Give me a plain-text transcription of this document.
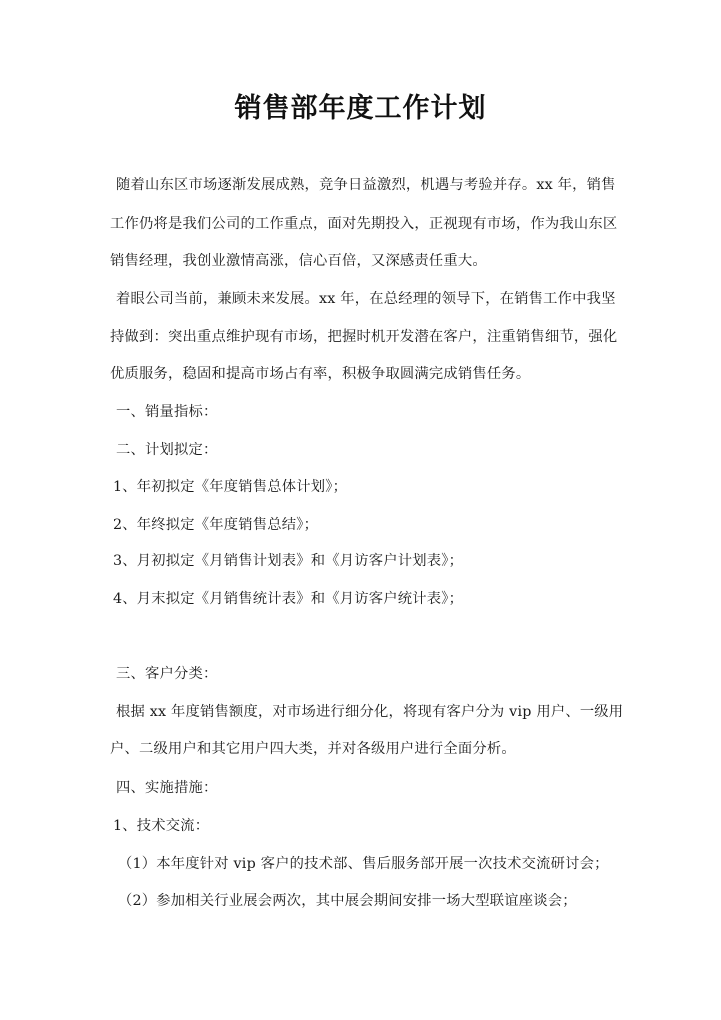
销售部年度工作计划
随着山东区市场逐渐发展成熟，竞争日益激烈，机遇与考验并存。xx 年，销售
工作仍将是我们公司的工作重点，面对先期投入，正视现有市场，作为我山东区
销售经理，我创业激情高涨，信心百倍，又深感责任重大。
着眼公司当前，兼顾未来发展。xx 年，在总经理的领导下，在销售工作中我坚
持做到：突出重点维护现有市场，把握时机开发潜在客户，注重销售细节，强化
优质服务，稳固和提高市场占有率，积极争取圆满完成销售任务。
一、销量指标：
二、计划拟定：
1、年初拟定《年度销售总体计划》；
2、年终拟定《年度销售总结》；
3、月初拟定《月销售计划表》和《月访客户计划表》；
4、月末拟定《月销售统计表》和《月访客户统计表》；
三、客户分类：
根据 xx 年度销售额度，对市场进行细分化，将现有客户分为 vip 用户、一级用
户、二级用户和其它用户四大类，并对各级用户进行全面分析。
四、实施措施：
1、技术交流：
（1）本年度针对 vip 客户的技术部、售后服务部开展一次技术交流研讨会；
（2）参加相关行业展会两次，其中展会期间安排一场大型联谊座谈会；
